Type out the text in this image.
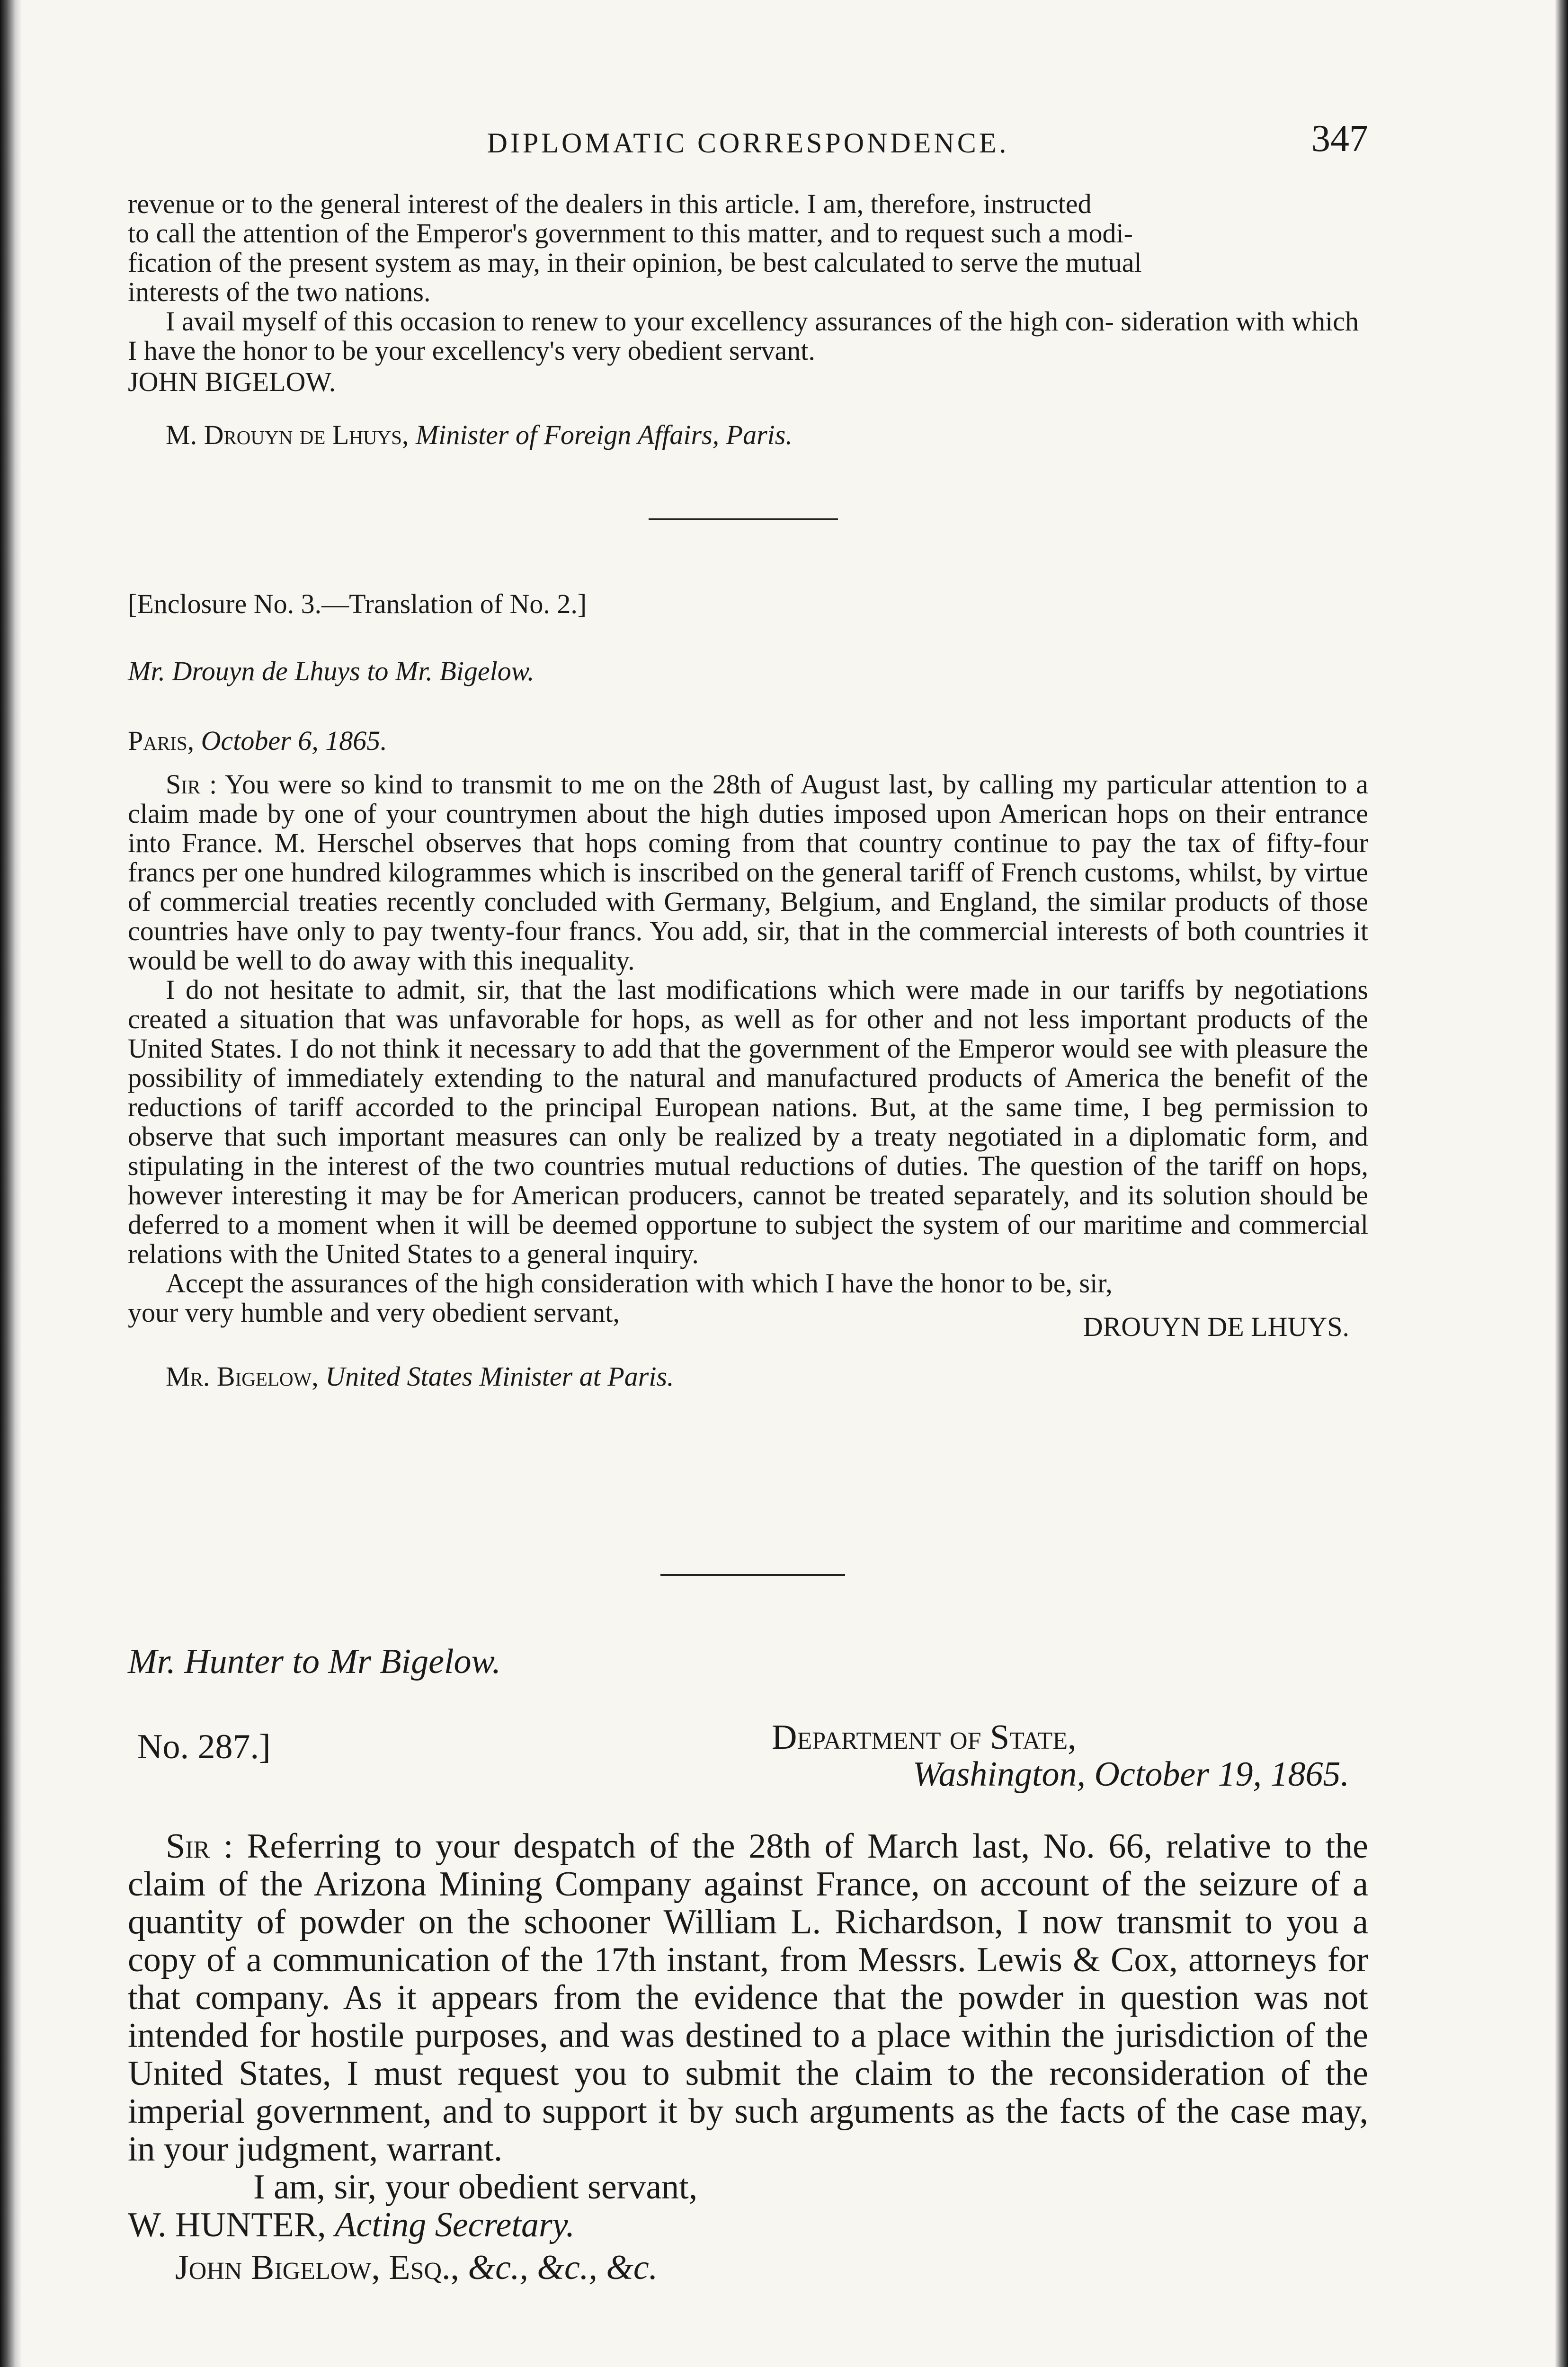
DIPLOMATIC CORRESPONDENCE.	347

revenue or to the general interest of the dealers in this article. I am, therefore, instructed

to call the attention of the Emperor's government to this matter, and to request such a modi-

fication of the present system as may, in their opinion, be best calculated to serve the mutual

interests of the two nations.

I avail myself of this occasion to renew to your excellency assurances of the high con- sideration with which I have the honor to be your excellency's very obedient servant.

JOHN BIGELOW.

M. Drouyn de Lhuys, Minister of Foreign Affairs, Paris.

[Enclosure No. 3.—Translation of No. 2.]

Mr. Drouyn de Lhuys to Mr. Bigelow.

Paris, October 6, 1865.

Sir : You were so kind to transmit to me on the 28th of August last, by calling my particular attention to a claim made by one of your countrymen about the high duties imposed upon American hops on their entrance into France. M. Herschel observes that hops coming from that country continue to pay the tax of fifty-four francs per one hundred kilogrammes which is inscribed on the general tariff of French customs, whilst, by virtue of commercial treaties recently concluded with Germany, Belgium, and England, the similar products of those countries have only to pay twenty-four francs. You add, sir, that in the commercial interests of both countries it would be well to do away with this inequality.

I do not hesitate to admit, sir, that the last modifications which were made in our tariffs by negotiations created a situation that was unfavorable for hops, as well as for other and not less important products of the United States. I do not think it necessary to add that the government of the Emperor would see with pleasure the possibility of immediately extending to the natural and manufactured products of America the benefit of the reductions of tariff accorded to the principal European nations. But, at the same time, I beg permission to observe that such important measures can only be realized by a treaty negotiated in a diplomatic form, and stipulating in the interest of the two countries mutual reductions of duties. The question of the tariff on hops, however interesting it may be for American producers, cannot be treated separately, and its solution should be deferred to a moment when it will be deemed opportune to subject the system of our maritime and commercial relations with the United States to a general inquiry.

Accept the assurances of the high consideration with which I have the honor to be, sir,

your very humble and very obedient servant,	DROUYN DE LHUYS.

Mr. Bigelow, United States Minister at Paris.

Mr. Hunter to Mr Bigelow.

No. 287.]	Department of State,
Washington, October 19, 1865.

Sir : Referring to your despatch of the 28th of March last, No. 66, relative to the claim of the Arizona Mining Company against France, on account of the seizure of a quantity of powder on the schooner William L. Richardson, I now transmit to you a copy of a communication of the 17th instant, from Messrs. Lewis & Cox, attorneys for that company. As it appears from the evidence that the powder in question was not intended for hostile purposes, and was destined to a place within the jurisdiction of the United States, I must request you to submit the claim to the reconsideration of the imperial government, and to support it by such arguments as the facts of the case may, in your judgment, warrant.

I am, sir, your obedient servant,

W. HUNTER, Acting Secretary.

John Bigelow, Esq., &c., &c., &c.
